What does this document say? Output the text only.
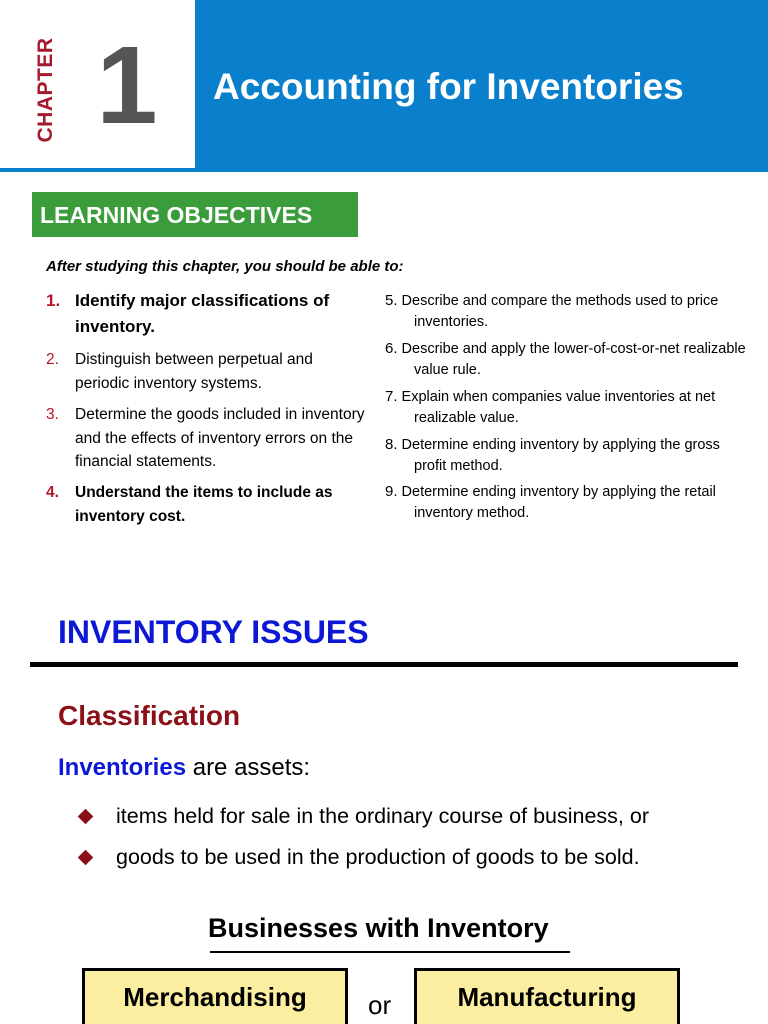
CHAPTER 1 Accounting for Inventories
LEARNING OBJECTIVES
After studying this chapter, you should be able to:
1. Identify major classifications of inventory.
2. Distinguish between perpetual and periodic inventory systems.
3. Determine the goods included in inventory and the effects of inventory errors on the financial statements.
4. Understand the items to include as inventory cost.
5. Describe and compare the methods used to price
inventories.
6. Describe and apply the lower-of-cost-or-net realizable
value rule.
7. Explain when companies value inventories at net
realizable value.
8. Determine ending inventory by applying the gross
profit method.
9. Determine ending inventory by applying the retail
inventory method.
INVENTORY ISSUES
Classification
Inventories are assets:
items held for sale in the ordinary course of business, or
goods to be used in the production of goods to be sold.
Businesses with Inventory
Merchandising	or	Manufacturing
